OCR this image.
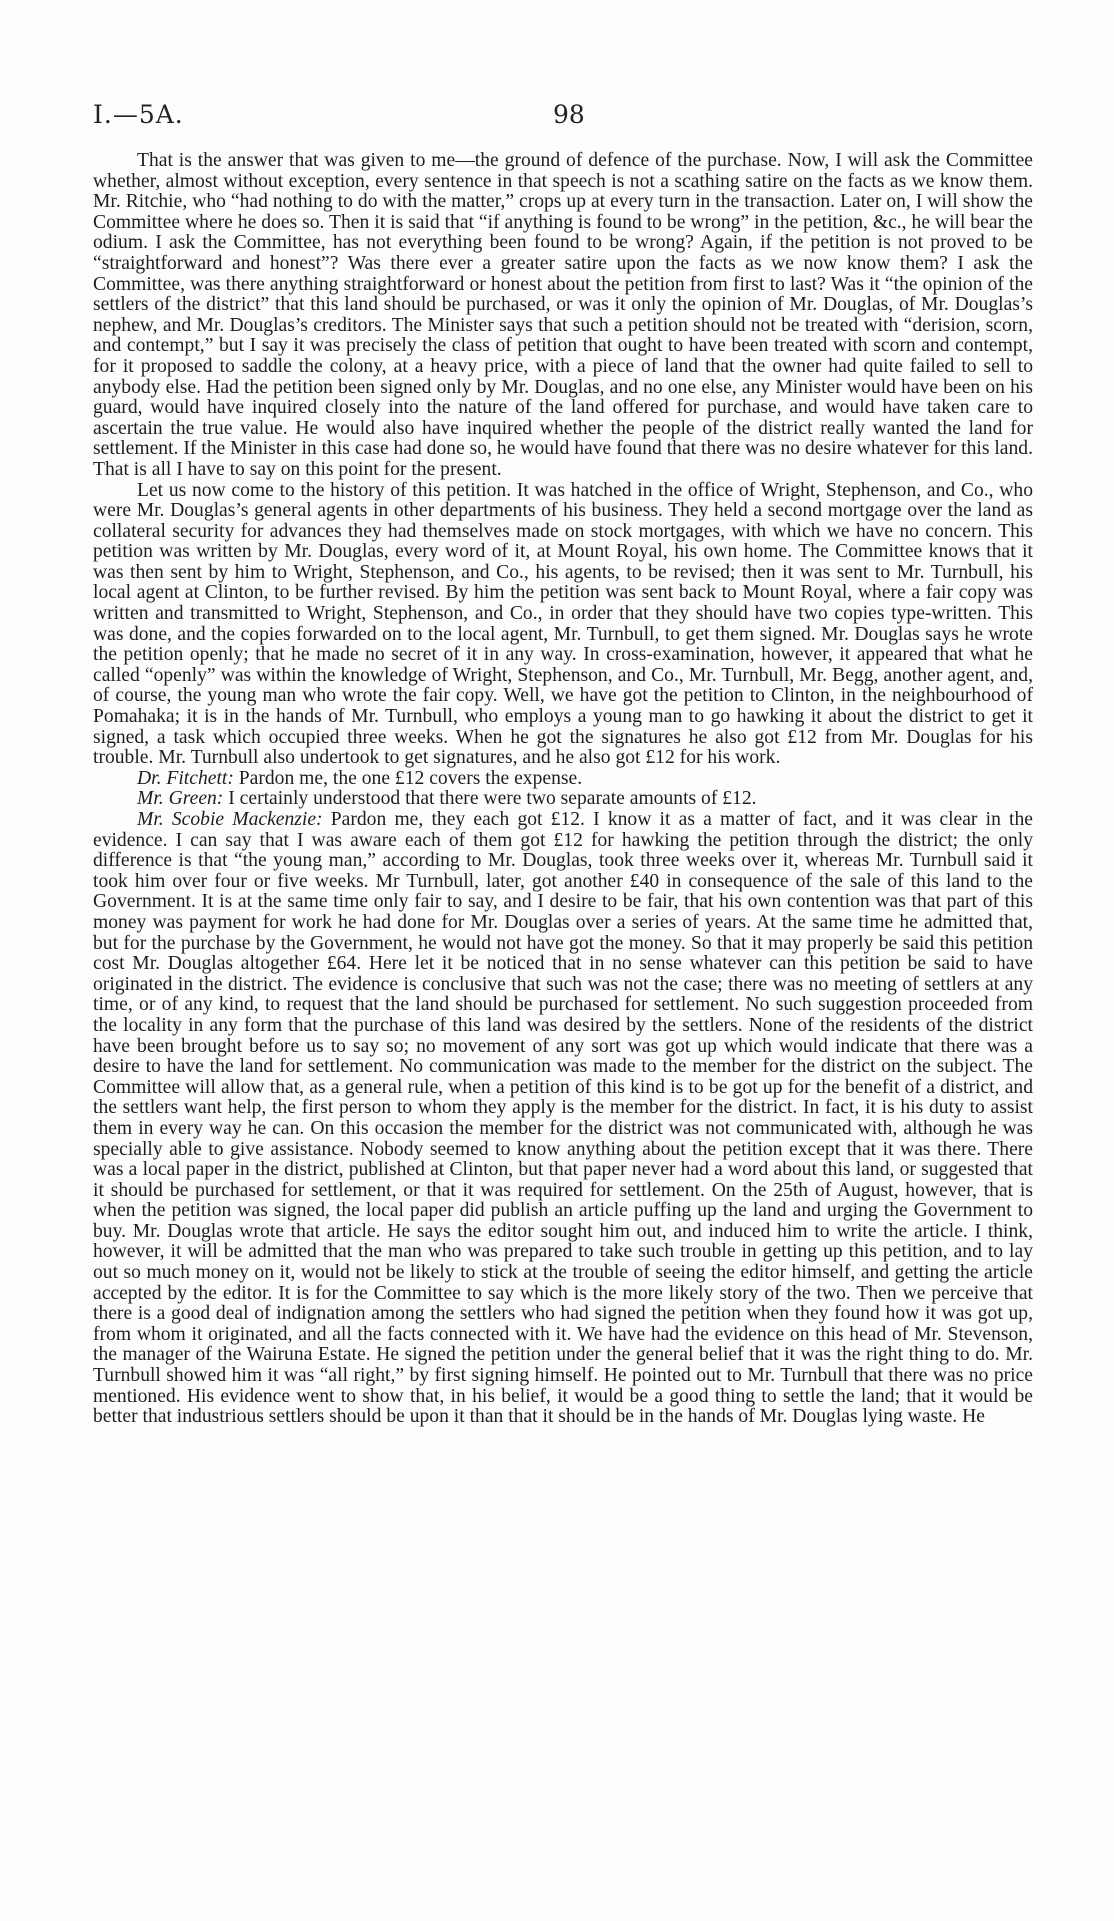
I.—5A.	98

That is the answer that was given to me—the ground of defence of the purchase. Now, I will ask the Committee whether, almost without exception, every sentence in that speech is not a scathing satire on the facts as we know them. Mr. Ritchie, who “had nothing to do with the matter,” crops up at every turn in the transaction. Later on, I will show the Committee where he does so. Then it is said that “if anything is found to be wrong” in the petition, &c., he will bear the odium. I ask the Committee, has not everything been found to be wrong? Again, if the petition is not proved to be “straightforward and honest”? Was there ever a greater satire upon the facts as we now know them? I ask the Committee, was there anything straightforward or honest about the petition from first to last? Was it “the opinion of the settlers of the district” that this land should be purchased, or was it only the opinion of Mr. Douglas, of Mr. Douglas’s nephew, and Mr. Douglas’s creditors. The Minister says that such a petition should not be treated with “derision, scorn, and contempt,” but I say it was precisely the class of petition that ought to have been treated with scorn and contempt, for it proposed to saddle the colony, at a heavy price, with a piece of land that the owner had quite failed to sell to anybody else. Had the petition been signed only by Mr. Douglas, and no one else, any Minister would have been on his guard, would have inquired closely into the nature of the land offered for purchase, and would have taken care to ascertain the true value. He would also have inquired whether the people of the district really wanted the land for settlement. If the Minister in this case had done so, he would have found that there was no desire whatever for this land. That is all I have to say on this point for the present.

Let us now come to the history of this petition. It was hatched in the office of Wright, Stephenson, and Co., who were Mr. Douglas’s general agents in other departments of his business. They held a second mortgage over the land as collateral security for advances they had themselves made on stock mortgages, with which we have no concern. This petition was written by Mr. Douglas, every word of it, at Mount Royal, his own home. The Committee knows that it was then sent by him to Wright, Stephenson, and Co., his agents, to be revised; then it was sent to Mr. Turnbull, his local agent at Clinton, to be further revised. By him the petition was sent back to Mount Royal, where a fair copy was written and transmitted to Wright, Stephenson, and Co., in order that they should have two copies type-written. This was done, and the copies forwarded on to the local agent, Mr. Turnbull, to get them signed. Mr. Douglas says he wrote the petition openly; that he made no secret of it in any way. In cross-examination, however, it appeared that what he called “openly” was within the knowledge of Wright, Stephenson, and Co., Mr. Turnbull, Mr. Begg, another agent, and, of course, the young man who wrote the fair copy. Well, we have got the petition to Clinton, in the neighbourhood of Pomahaka; it is in the hands of Mr. Turnbull, who employs a young man to go hawking it about the district to get it signed, a task which occupied three weeks. When he got the signatures he also got £12 from Mr. Douglas for his trouble. Mr. Turnbull also undertook to get signatures, and he also got £12 for his work.

Dr. Fitchett: Pardon me, the one £12 covers the expense.

Mr. Green: I certainly understood that there were two separate amounts of £12.

Mr. Scobie Mackenzie: Pardon me, they each got £12. I know it as a matter of fact, and it was clear in the evidence. I can say that I was aware each of them got £12 for hawking the petition through the district; the only difference is that “the young man,” according to Mr. Douglas, took three weeks over it, whereas Mr. Turnbull said it took him over four or five weeks. Mr Turnbull, later, got another £40 in consequence of the sale of this land to the Government. It is at the same time only fair to say, and I desire to be fair, that his own contention was that part of this money was payment for work he had done for Mr. Douglas over a series of years. At the same time he admitted that, but for the purchase by the Government, he would not have got the money. So that it may properly be said this petition cost Mr. Douglas altogether £64. Here let it be noticed that in no sense whatever can this petition be said to have originated in the district. The evidence is conclusive that such was not the case; there was no meeting of settlers at any time, or of any kind, to request that the land should be purchased for settlement. No such suggestion proceeded from the locality in any form that the purchase of this land was desired by the settlers. None of the residents of the district have been brought before us to say so; no movement of any sort was got up which would indicate that there was a desire to have the land for settlement. No communication was made to the member for the district on the subject. The Committee will allow that, as a general rule, when a petition of this kind is to be got up for the benefit of a district, and the settlers want help, the first person to whom they apply is the member for the district. In fact, it is his duty to assist them in every way he can. On this occasion the member for the district was not communicated with, although he was specially able to give assistance. Nobody seemed to know anything about the petition except that it was there. There was a local paper in the district, published at Clinton, but that paper never had a word about this land, or suggested that it should be purchased for settlement, or that it was required for settlement. On the 25th of August, however, that is when the petition was signed, the local paper did publish an article puffing up the land and urging the Government to buy. Mr. Douglas wrote that article. He says the editor sought him out, and induced him to write the article. I think, however, it will be admitted that the man who was prepared to take such trouble in getting up this petition, and to lay out so much money on it, would not be likely to stick at the trouble of seeing the editor himself, and getting the article accepted by the editor. It is for the Committee to say which is the more likely story of the two. Then we perceive that there is a good deal of indignation among the settlers who had signed the petition when they found how it was got up, from whom it originated, and all the facts connected with it. We have had the evidence on this head of Mr. Stevenson, the manager of the Wairuna Estate. He signed the petition under the general belief that it was the right thing to do. Mr. Turnbull showed him it was “all right,” by first signing himself. He pointed out to Mr. Turnbull that there was no price mentioned. His evidence went to show that, in his belief, it would be a good thing to settle the land; that it would be better that industrious settlers should be upon it than that it should be in the hands of Mr. Douglas lying waste. He
